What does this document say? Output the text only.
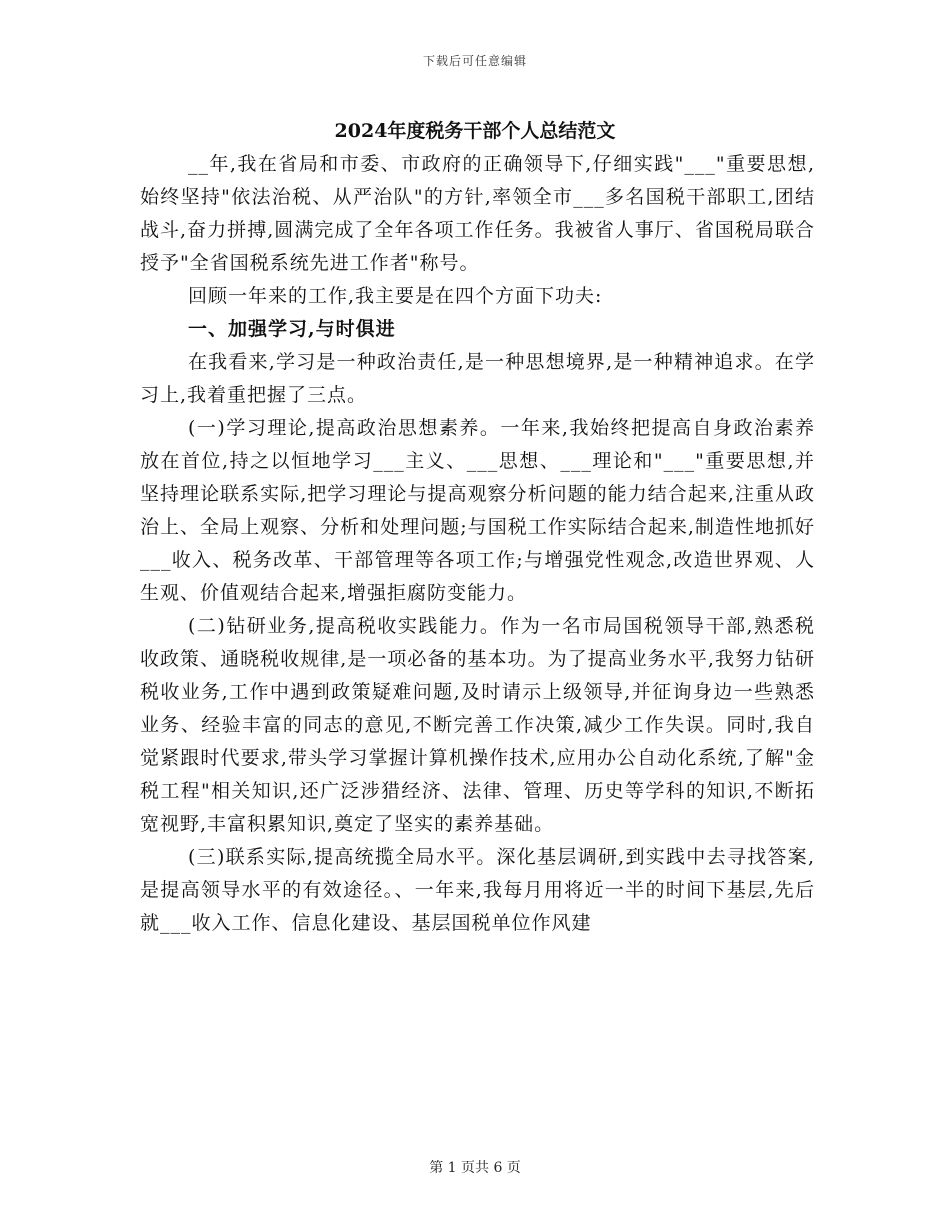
下载后可任意编辑
2024年度税务干部个人总结范文

__年,我在省局和市委、市政府的正确领导下,仔细实践"___"重要思想,始终坚持"依法治税、从严治队"的方针,率领全市___多名国税干部职工,团结战斗,奋力拼搏,圆满完成了全年各项工作任务。我被省人事厅、省国税局联合授予"全省国税系统先进工作者"称号。

回顾一年来的工作,我主要是在四个方面下功夫:

一、加强学习,与时俱进

在我看来,学习是一种政治责任,是一种思想境界,是一种精神追求。在学习上,我着重把握了三点。

(一)学习理论,提高政治思想素养。一年来,我始终把提高自身政治素养放在首位,持之以恒地学习___主义、___思想、___理论和"___"重要思想,并坚持理论联系实际,把学习理论与提高观察分析问题的能力结合起来,注重从政治上、全局上观察、分析和处理问题;与国税工作实际结合起来,制造性地抓好___收入、税务改革、干部管理等各项工作;与增强党性观念,改造世界观、人生观、价值观结合起来,增强拒腐防变能力。

(二)钻研业务,提高税收实践能力。作为一名市局国税领导干部,熟悉税收政策、通晓税收规律,是一项必备的基本功。为了提高业务水平,我努力钻研税收业务,工作中遇到政策疑难问题,及时请示上级领导,并征询身边一些熟悉业务、经验丰富的同志的意见,不断完善工作决策,减少工作失误。同时,我自觉紧跟时代要求,带头学习掌握计算机操作技术,应用办公自动化系统,了解"金税工程"相关知识,还广泛涉猎经济、法律、管理、历史等学科的知识,不断拓宽视野,丰富积累知识,奠定了坚实的素养基础。

(三)联系实际,提高统揽全局水平。深化基层调研,到实践中去寻找答案,是提高领导水平的有效途径。、一年来,我每月用将近一半的时间下基层,先后就___收入工作、信息化建设、基层国税单位作风建

第 1 页共 6 页
